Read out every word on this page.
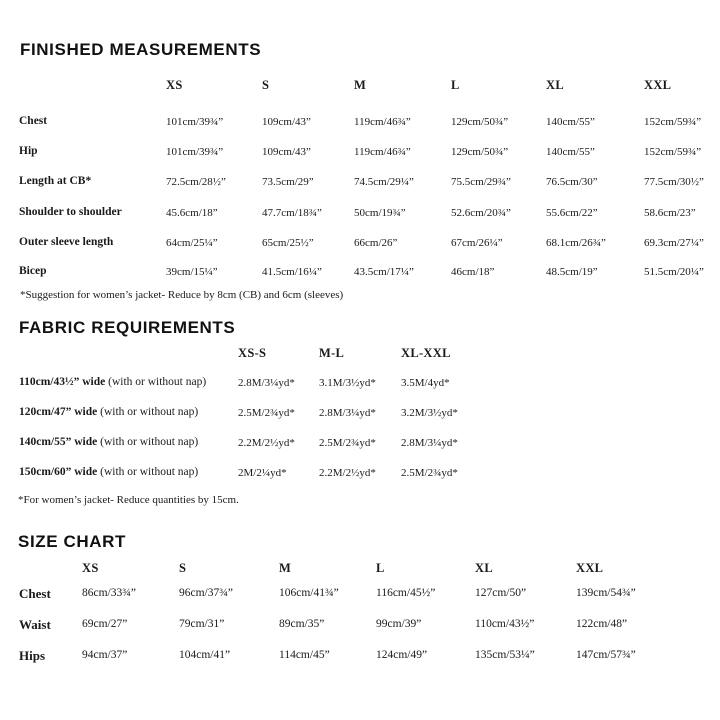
FINISHED MEASUREMENTS
XS	S	M	L	XL	XXL
Chest	101cm/39¾”	109cm/43”	119cm/46¾”	129cm/50¾”	140cm/55”	152cm/59¾”
Hip	101cm/39¾”	109cm/43”	119cm/46¾”	129cm/50¾”	140cm/55”	152cm/59¾”
Length at CB*	72.5cm/28½”	73.5cm/29”	74.5cm/29¼”	75.5cm/29¾”	76.5cm/30”	77.5cm/30½”
Shoulder to shoulder	45.6cm/18”	47.7cm/18¾”	50cm/19¾”	52.6cm/20¾”	55.6cm/22”	58.6cm/23”
Outer sleeve length	64cm/25¼”	65cm/25½”	66cm/26”	67cm/26¼”	68.1cm/26¾”	69.3cm/27¼”
Bicep	39cm/15¼”	41.5cm/16¼”	43.5cm/17¼”	46cm/18”	48.5cm/19”	51.5cm/20¼”
*Suggestion for women’s jacket- Reduce by 8cm (CB) and 6cm (sleeves)
FABRIC REQUIREMENTS
XS-S	M-L	XL-XXL
110cm/43½” wide (with or without nap)	2.8M/3¼yd* 3.1M/3½yd* 3.5M/4yd*
120cm/47” wide (with or without nap)	2.5M/2¾yd* 2.8M/3¼yd* 3.2M/3½yd*
140cm/55” wide (with or without nap)	2.2M/2½yd* 2.5M/2¾yd* 2.8M/3¼yd*
150cm/60” wide (with or without nap)	2M/2¼yd*	2.2M/2½yd* 2.5M/2¾yd*
*For women’s jacket- Reduce quantities by 15cm.
SIZE CHART
XS	S	M	L	XL	XXL
Chest	86cm/33¾”	96cm/37¾”	106cm/41¾”	116cm/45½”	127cm/50”	139cm/54¾”
Waist	69cm/27”	79cm/31”	89cm/35”	99cm/39”	110cm/43½”	122cm/48”
Hips	94cm/37”	104cm/41”	114cm/45”	124cm/49”	135cm/53¼”	147cm/57¾”
